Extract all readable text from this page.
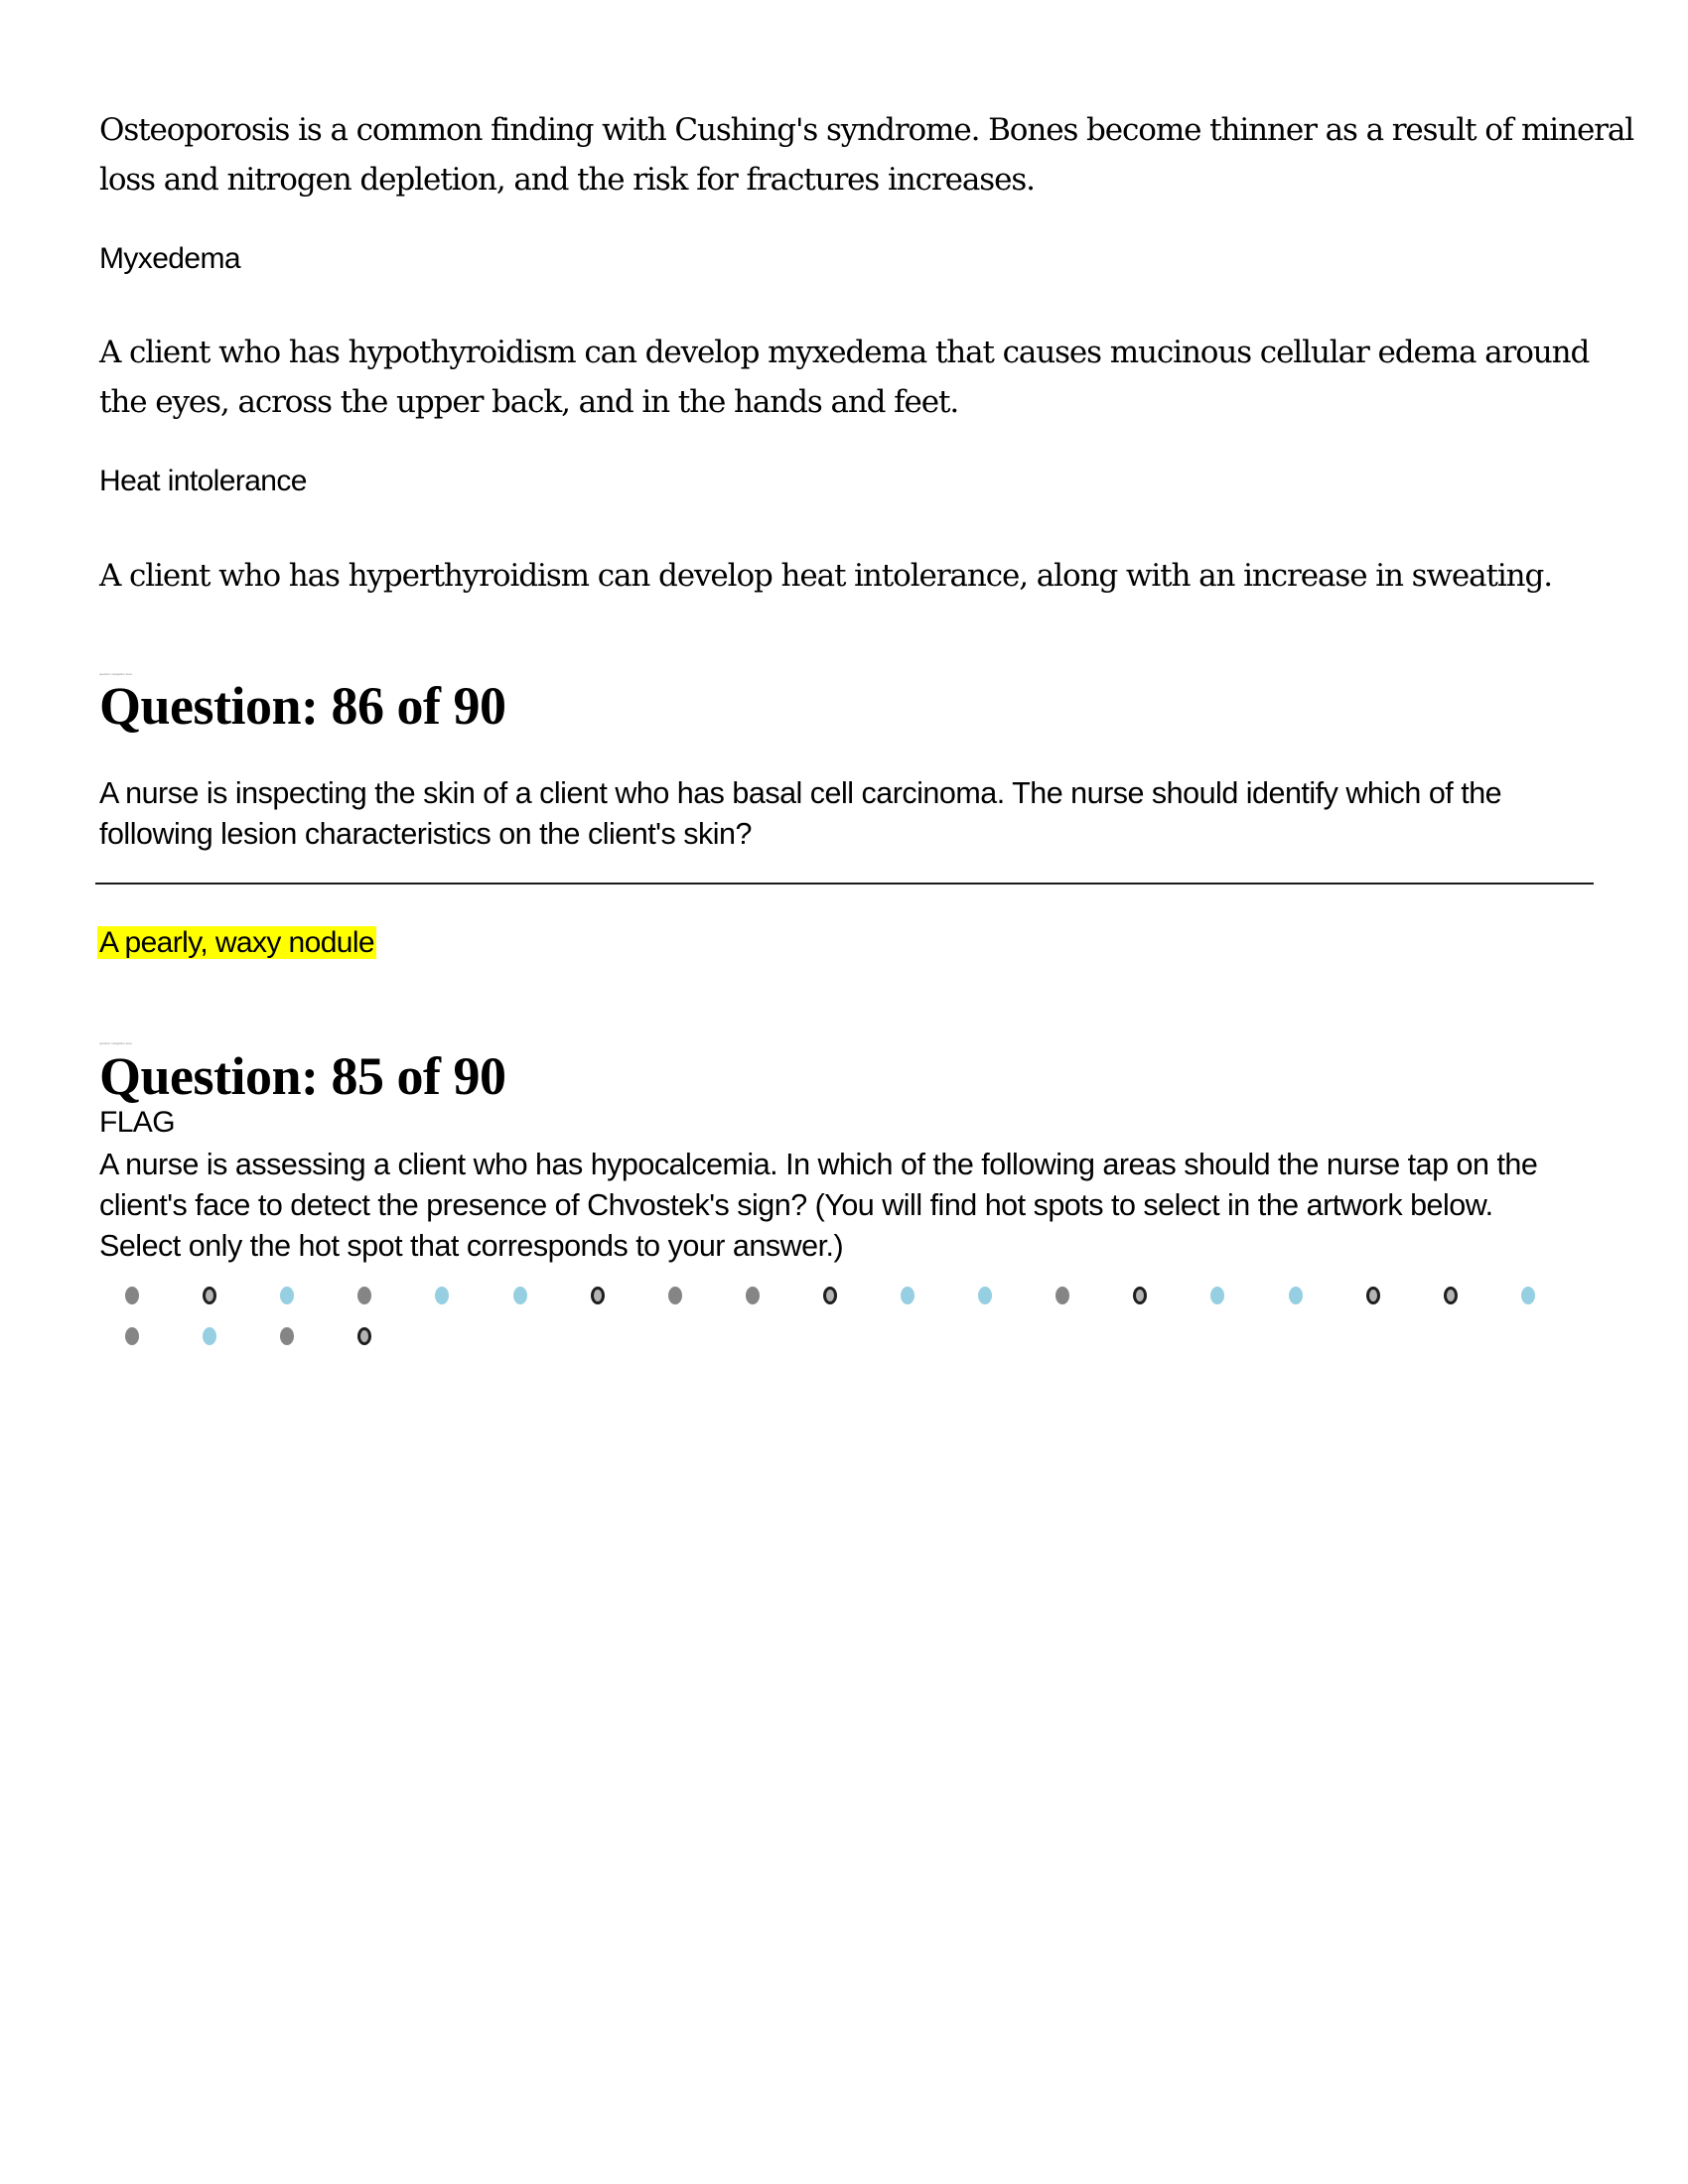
Osteoporosis is a common finding with Cushing's syndrome. Bones become thinner as a result of mineral
loss and nitrogen depletion, and the risk for fractures increases.
Myxedema
A client who has hypothyroidism can develop myxedema that causes mucinous cellular edema around
the eyes, across the upper back, and in the hands and feet.
Heat intolerance
A client who has hyperthyroidism can develop heat intolerance, along with an increase in sweating.
question navigation area
Question: 86 of 90
A nurse is inspecting the skin of a client who has basal cell carcinoma. The nurse should identify which of the
following lesion characteristics on the client's skin?
A pearly, waxy nodule
question navigation area
Question: 85 of 90
FLAG
A nurse is assessing a client who has hypocalcemia. In which of the following areas should the nurse tap on the
client's face to detect the presence of Chvostek's sign? (You will find hot spots to select in the artwork below.
Select only the hot spot that corresponds to your answer.)
